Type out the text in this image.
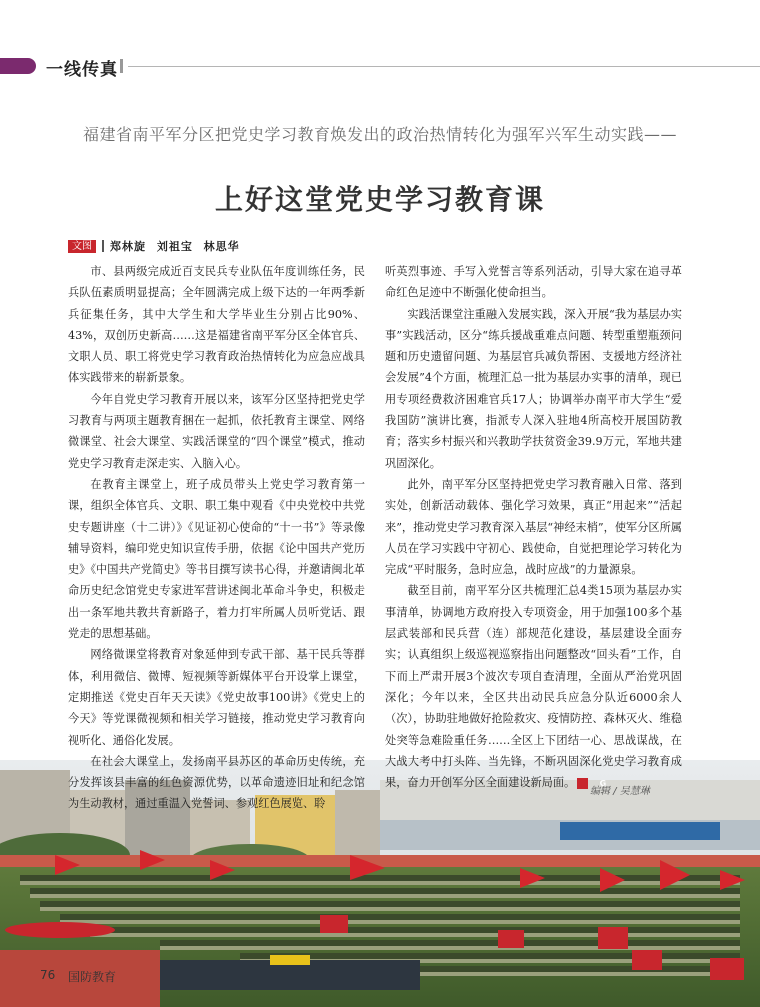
一线传真
福建省南平军分区把党史学习教育焕发出的政治热情转化为强军兴军生动实践——
上好这堂党史学习教育课
文图	郑林旋 刘祖宝 林思华

市、县两级完成近百支民兵专业队伍年度训练任务，民兵队伍素质明显提高；全年圆满完成上级下达的一年两季新兵征集任务，其中大学生和大学毕业生分别占比90%、43%，双创历史新高……这是福建省南平军分区全体官兵、文职人员、职工将党史学习教育政治热情转化为应急应战具体实践带来的崭新景象。

今年自党史学习教育开展以来，该军分区坚持把党史学习教育与两项主题教育捆在一起抓，依托教育主课堂、网络微课堂、社会大课堂、实践活课堂的“四个课堂”模式，推动党史学习教育走深走实、入脑入心。

在教育主课堂上，班子成员带头上党史学习教育第一课，组织全体官兵、文职、职工集中观看《中央党校中共党史专题讲座（十二讲）》《见证初心使命的“十一书”》等录像辅导资料，编印党史知识宣传手册，依据《论中国共产党历史》《中国共产党简史》等书目撰写读书心得，并邀请闽北革命历史纪念馆党史专家进军营讲述闽北革命斗争史，积极走出一条军地共教共育新路子，着力打牢所属人员听党话、跟党走的思想基础。

网络微课堂将教育对象延伸到专武干部、基干民兵等群体，利用微信、微博、短视频等新媒体平台开设掌上课堂，定期推送《党史百年天天读》《党史故事100讲》《党史上的今天》等党课微视频和相关学习链接，推动党史学习教育向视听化、通俗化发展。

在社会大课堂上，发扬南平县苏区的革命历史传统，充分发挥该县丰富的红色资源优势，以革命遗迹旧址和纪念馆为生动教材，通过重温入党誓词、参观红色展览、聆

听英烈事迹、手写入党誓言等系列活动，引导大家在追寻革命红色足迹中不断强化使命担当。

实践活课堂注重融入发展实践，深入开展“我为基层办实事”实践活动，区分“练兵援战重难点问题、转型重塑瓶颈问题和历史遗留问题、为基层官兵减负帮困、支援地方经济社会发展”4个方面，梳理汇总一批为基层办实事的清单，现已用专项经费救济困难官兵17人；协调举办南平市大学生“爱我国防”演讲比赛，指派专人深入驻地4所高校开展国防教育；落实乡村振兴和兴教助学扶贫资金39.9万元，军地共建巩固深化。

此外，南平军分区坚持把党史学习教育融入日常、落到实处，创新活动载体、强化学习效果，真正“用起来”“活起来”，推动党史学习教育深入基层“神经末梢”，使军分区所属人员在学习实践中守初心、践使命，自觉把理论学习转化为完成“平时服务，急时应急，战时应战”的力量源泉。

截至目前，南平军分区共梳理汇总4类15项为基层办实事清单，协调地方政府投入专项资金，用于加强100多个基层武装部和民兵营（连）部规范化建设，基层建设全面夯实；认真组织上级巡视巡察指出问题整改“回头看”工作，自下而上严肃开展3个波次专项自查清理，全面从严治党巩固深化；今年以来，全区共出动民兵应急分队近6000余人（次），协助驻地做好抢险救灾、疫情防控、森林灭火、维稳处突等急难险重任务……全区上下团结一心、思战谋战，在大战大考中打头阵、当先锋，不断巩固深化党史学习教育成果，奋力开创军分区全面建设新局面。	G

编辑 / 吴慧琳
76 国防教育
